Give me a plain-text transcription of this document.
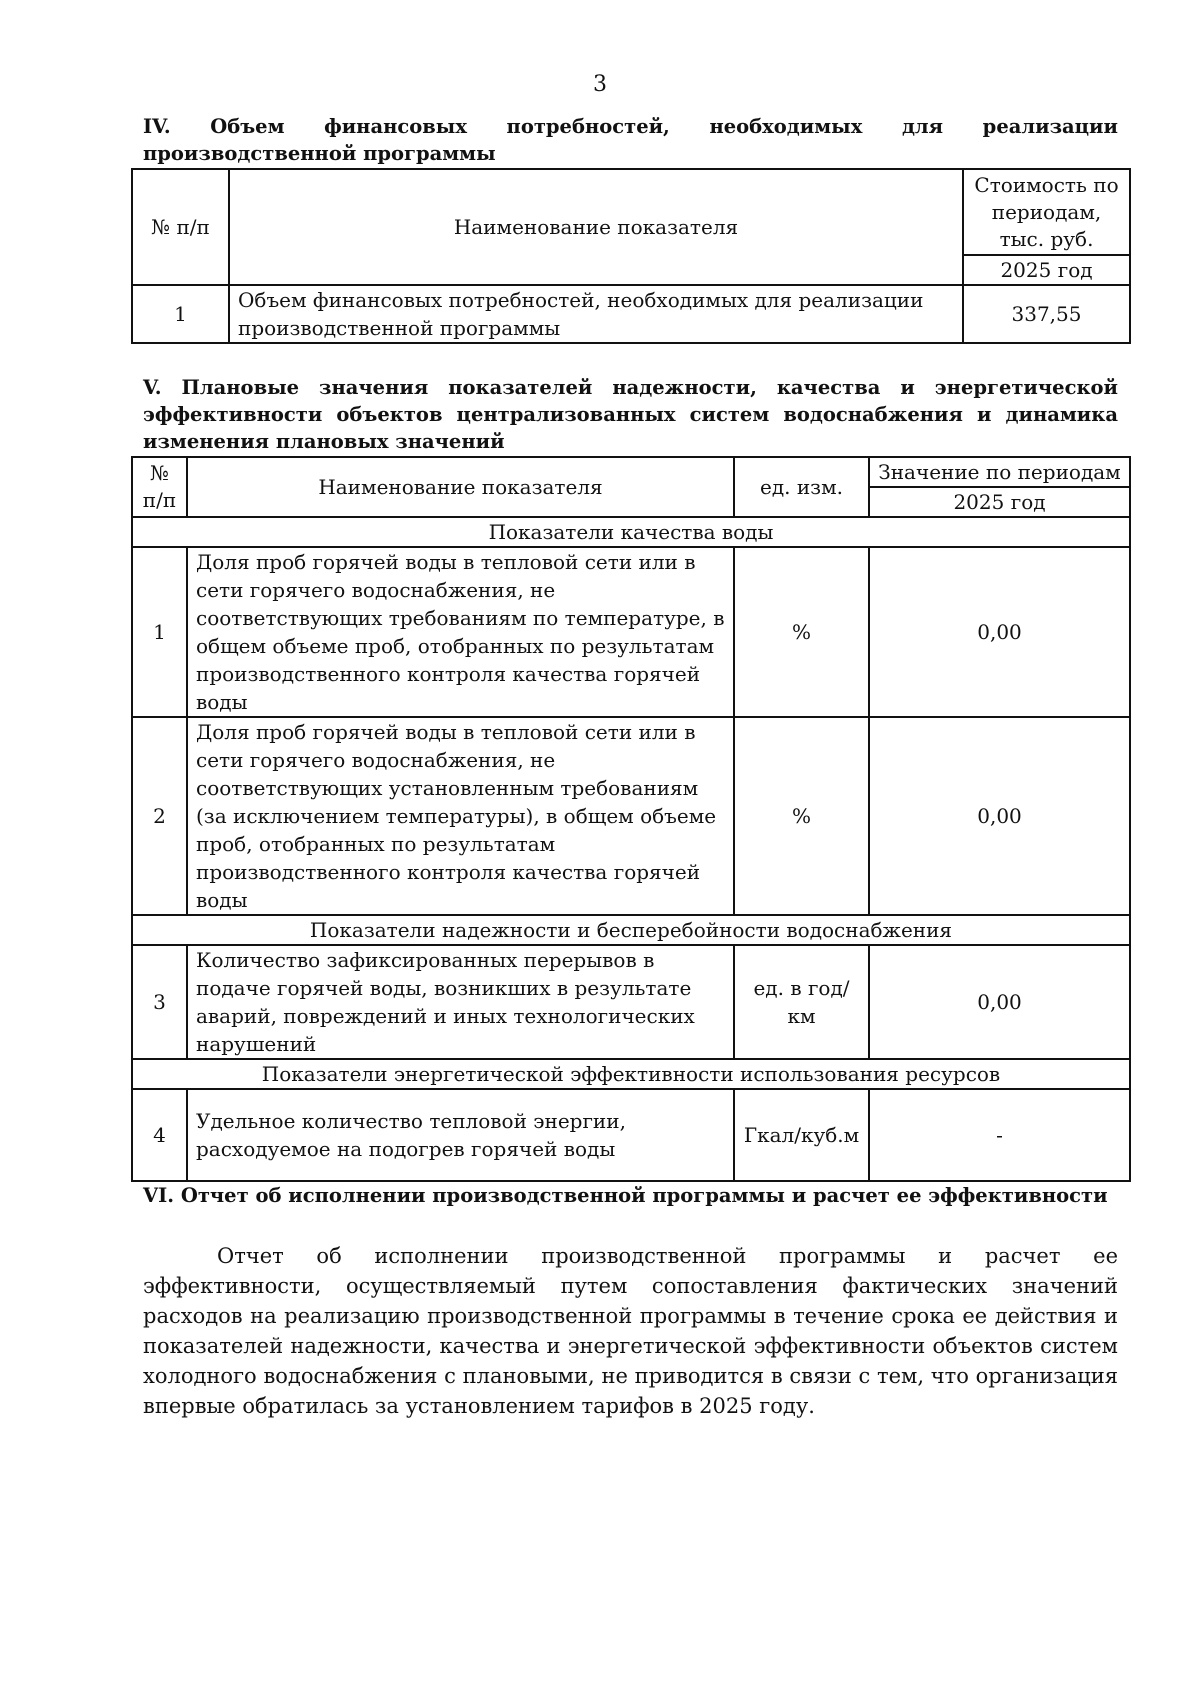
3
IV. Объем финансовых потребностей, необходимых для реализации производственной программы
№ п/п	Наименование показателя	Стоимость по периодам, тыс. руб.
		2025 год
1	Объем финансовых потребностей, необходимых для реализации производственной программы	337,55
V. Плановые значения показателей надежности, качества и энергетической эффективности объектов централизованных систем водоснабжения и динамика изменения плановых значений
№ п/п	Наименование показателя	ед. изм.	Значение по периодам
			2025 год
Показатели качества воды			
1	Доля проб горячей воды в тепловой сети или в сети горячего водоснабжения, не соответствующих требованиям по температуре, в общем объеме проб, отобранных по результатам производственного контроля качества горячей воды	%	0,00
2	Доля проб горячей воды в тепловой сети или в сети горячего водоснабжения, не соответствующих установленным требованиям (за исключением температуры), в общем объеме проб, отобранных по результатам производственного контроля качества горячей воды	%	0,00
Показатели надежности и бесперебойности водоснабжения			
3	Количество зафиксированных перерывов в подаче горячей воды, возникших в результате аварий, повреждений и иных технологических нарушений	ед. в год/ км	0,00
Показатели энергетической эффективности использования ресурсов			
4	Удельное количество тепловой энергии, расходуемое на подогрев горячей воды	Гкал/куб.м	-
VI. Отчет об исполнении производственной программы и расчет ее эффективности

Отчет об исполнении производственной программы и расчет ее эффективности, осуществляемый путем сопоставления фактических значений расходов на реализацию производственной программы в течение срока ее действия и показателей надежности, качества и энергетической эффективности объектов систем холодного водоснабжения с плановыми, не приводится в связи с тем, что организация впервые обратилась за установлением тарифов в 2025 году.
